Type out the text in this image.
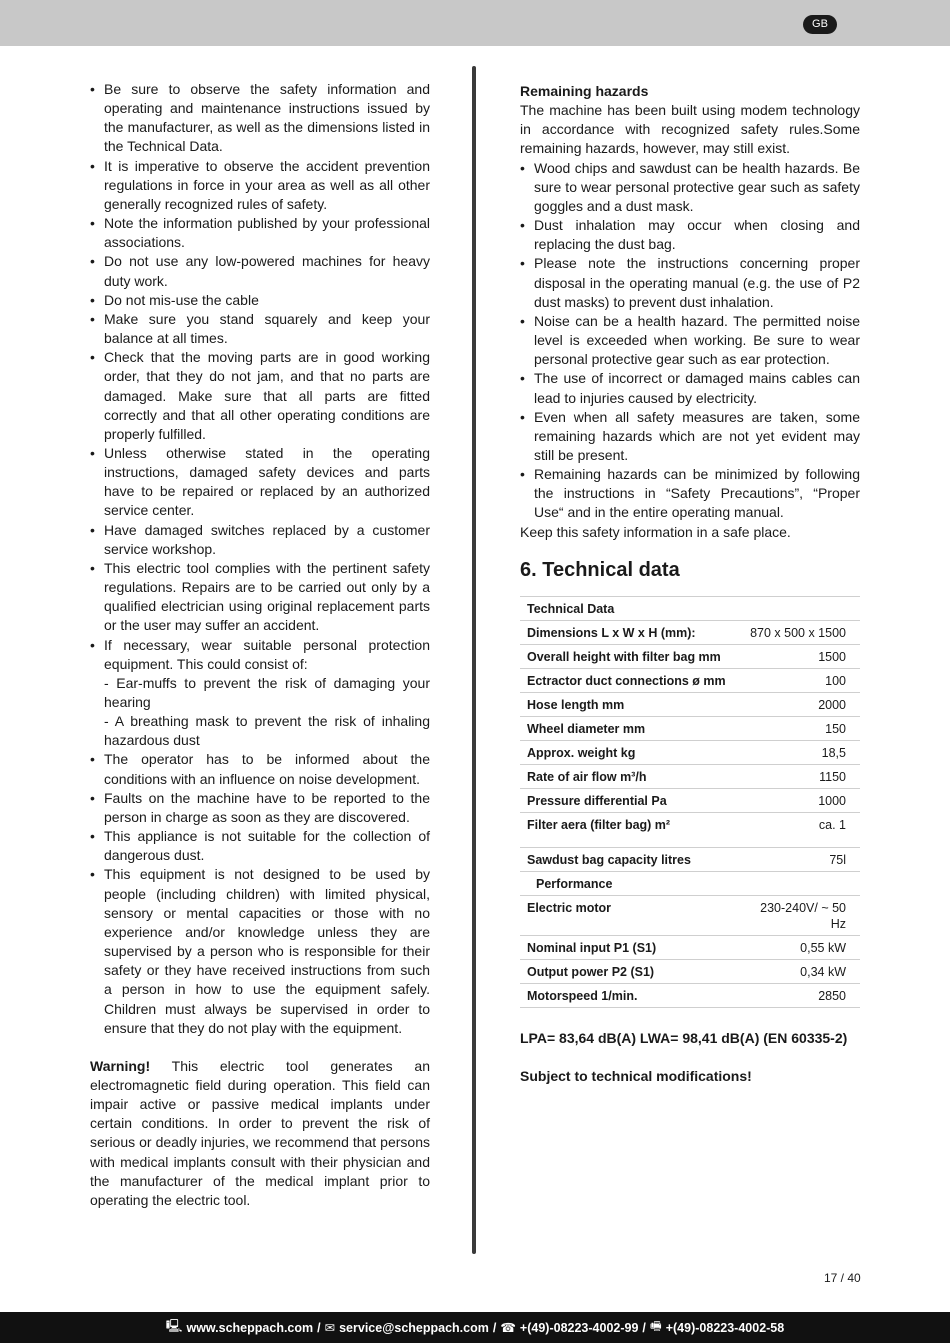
GB
• Be sure to observe the safety information and operating and maintenance instructions issued by the manufacturer, as well as the dimensions listed in the Technical Data.
• It is imperative to observe the accident prevention regulations in force in your area as well as all other generally recognized rules of safety.
• Note the information published by your professional associations.
• Do not use any low-powered machines for heavy duty work.
• Do not mis-use the cable
• Make sure you stand squarely and keep your balance at all times.
• Check that the moving parts are in good working order, that they do not jam, and that no parts are damaged. Make sure that all parts are fitted correctly and that all other operating conditions are properly fulfilled.
• Unless otherwise stated in the operating instructions, damaged safety devices and parts have to be repaired or replaced by an authorized service center.
• Have damaged switches replaced by a customer service workshop.
• This electric tool complies with the pertinent safety regulations. Repairs are to be carried out only by a qualified electrician using original replacement parts or the user may suffer an accident.
• If necessary, wear suitable personal protection equipment. This could consist of:
- Ear-muffs to prevent the risk of damaging your hearing
- A breathing mask to prevent the risk of inhaling hazardous dust
• The operator has to be informed about the conditions with an influence on noise development.
• Faults on the machine have to be reported to the person in charge as soon as they are discovered.
• This appliance is not suitable for the collection of dangerous dust.
• This equipment is not designed to be used by people (including children) with limited physical, sensory or mental capacities or those with no experience and/or knowledge unless they are supervised by a person who is responsible for their safety or they have received instructions from such a person in how to use the equipment safely. Children must always be supervised in order to ensure that they do not play with the equipment.

Warning! This electric tool generates an electromagnetic field during operation. This field can impair active or passive medical implants under certain conditions. In order to prevent the risk of serious or deadly injuries, we recommend that persons with medical implants consult with their physician and the manufacturer of the medical implant prior to operating the electric tool.

Remaining hazards

The machine has been built using modem technology in accordance with recognized safety rules.Some remaining hazards, however, may still exist.

• Wood chips and sawdust can be health hazards. Be sure to wear personal protective gear such as safety goggles and a dust mask.
• Dust inhalation may occur when closing and replacing the dust bag.
• Please note the instructions concerning proper disposal in the operating manual (e.g. the use of P2 dust masks) to prevent dust inhalation.
• Noise can be a health hazard. The permitted noise level is exceeded when working. Be sure to wear personal protective gear such as ear protection.
• The use of incorrect or damaged mains cables can lead to injuries caused by electricity.
• Even when all safety measures are taken, some remaining hazards which are not yet evident may still be present.
• Remaining hazards can be minimized by following the instructions in “Safety Precautions”, “Proper Use“ and in the entire operating manual.

Keep this safety information in a safe place.

6. Technical data
Technical Data	
Dimensions L x W x H (mm):	870 x 500 x 1500
Overall height with filter bag mm	1500
Ectractor duct connections ø mm	100
Hose length mm	2000
Wheel diameter mm	150
Approx. weight kg	18,5
Rate of air flow m³/h	1150
Pressure differential Pa	1000
Filter aera (filter bag) m²	ca. 1
Sawdust bag capacity litres	75l
Performance	
Electric motor	230-240V/ ~ 50 Hz
Nominal input P1 (S1)	0,55 kW
Output power P2 (S1)	0,34 kW
Motorspeed 1/min.	2850
LPA= 83,64 dB(A) LWA= 98,41 dB(A) (EN 60335-2)
Subject to technical modifications!
17 / 40
🖳 www.scheppach.com / ✉ service@scheppach.com / ☎ +(49)-08223-4002-99 / 🖷 +(49)-08223-4002-58
